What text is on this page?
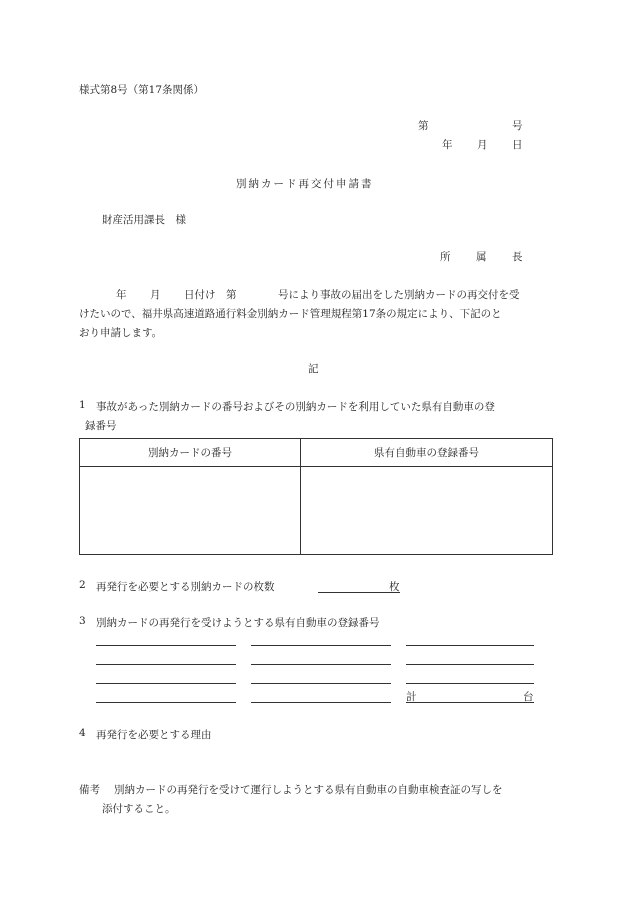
様式第8号（第17条関係）
第	号
年 月 日
別納カード再交付申請書
財産活用課長　様
所 属 長
年 月 日付け　第	号により事故の届出をした別納カードの再交付を受
けたいので、福井県高速道路通行料金別納カード管理規程第17条の規定により、下記のと
おり申請します。
記
1 事故があった別納カードの番号およびその別納カードを利用していた県有自動車の登
録番号
別納カードの番号	県有自動車の登録番号

2 再発行を必要とする別納カードの枚数	枚
3 別納カードの再発行を受けようとする県有自動車の登録番号
計	台
4 再発行を必要とする理由
備考 別納カードの再発行を受けて運行しようとする県有自動車の自動車検査証の写しを
添付すること。
